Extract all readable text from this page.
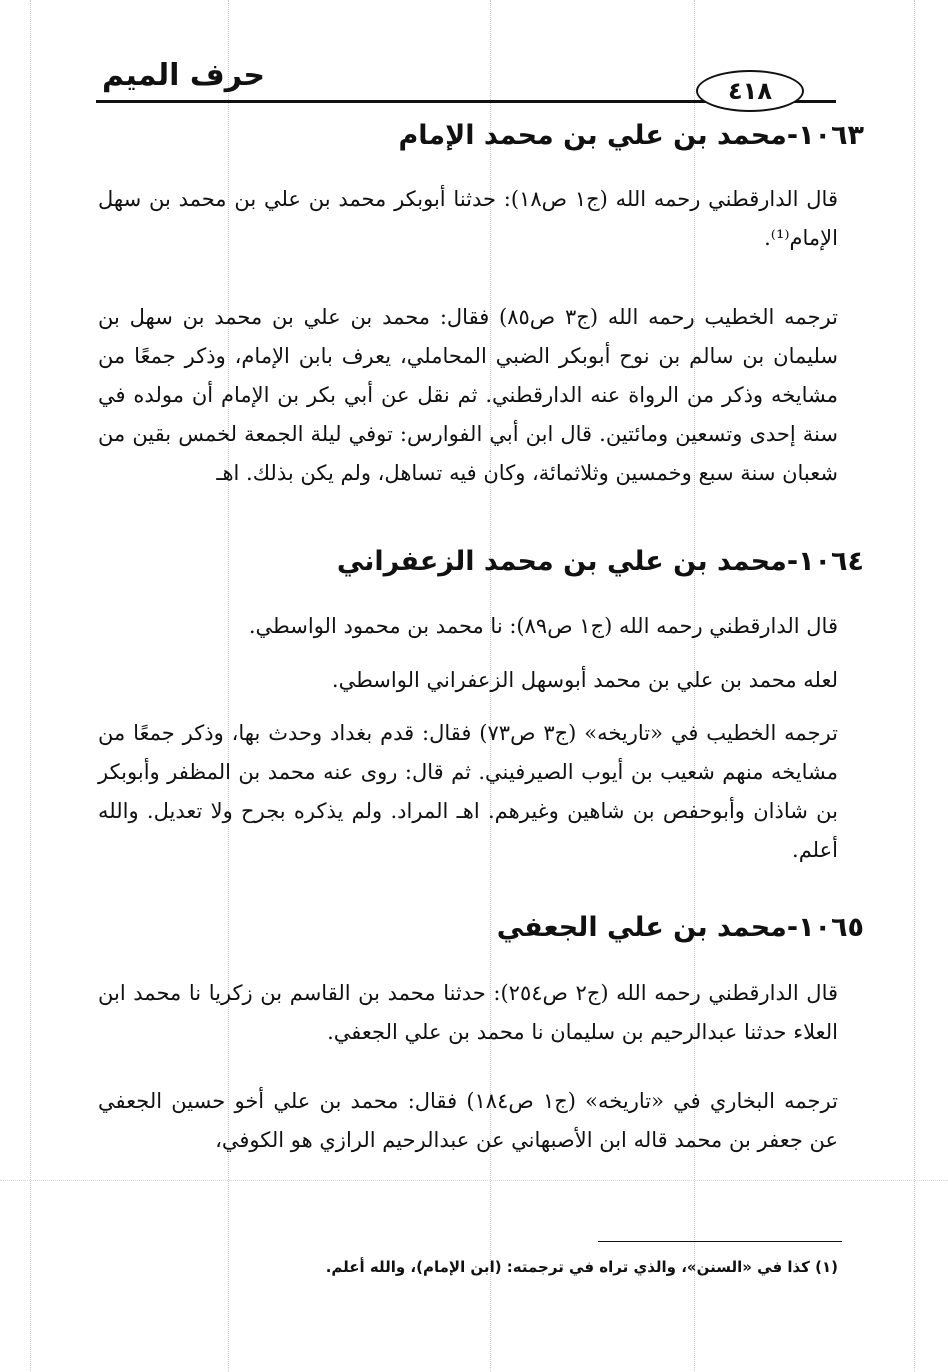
حرف الميم	٤١٨
١٠٦٣-محمد بن علي بن محمد الإمام
قال الدارقطني رحمه الله (ج١ ص١٨): حدثنا أبوبكر محمد بن علي بن محمد بن سهل الإمام⁽¹⁾.
ترجمه الخطيب رحمه الله (ج٣ ص٨٥) فقال: محمد بن علي بن محمد بن سهل بن سليمان بن سالم بن نوح أبوبكر الضبي المحاملي، يعرف بابن الإمام، وذكر جمعًا من مشايخه وذكر من الرواة عنه الدارقطني. ثم نقل عن أبي بكر بن الإمام أن مولده في سنة إحدى وتسعين ومائتين. قال ابن أبي الفوارس: توفي ليلة الجمعة لخمس بقين من شعبان سنة سبع وخمسين وثلاثمائة، وكان فيه تساهل، ولم يكن بذلك. اهـ
١٠٦٤-محمد بن علي بن محمد الزعفراني
قال الدارقطني رحمه الله (ج١ ص٨٩): نا محمد بن محمود الواسطي.
لعله محمد بن علي بن محمد أبوسهل الزعفراني الواسطي.
ترجمه الخطيب في «تاريخه» (ج٣ ص٧٣) فقال: قدم بغداد وحدث بها، وذكر جمعًا من مشايخه منهم شعيب بن أيوب الصيرفيني. ثم قال: روى عنه محمد بن المظفر وأبوبكر بن شاذان وأبوحفص بن شاهين وغيرهم. اهـ المراد. ولم يذكره بجرح ولا تعديل. والله أعلم.
١٠٦٥-محمد بن علي الجعفي
قال الدارقطني رحمه الله (ج٢ ص٢٥٤): حدثنا محمد بن القاسم بن زكريا نا محمد ابن العلاء حدثنا عبدالرحيم بن سليمان نا محمد بن علي الجعفي.
ترجمه البخاري في «تاريخه» (ج١ ص١٨٤) فقال: محمد بن علي أخو حسين الجعفي عن جعفر بن محمد قاله ابن الأصبهاني عن عبدالرحيم الرازي هو الكوفي،
(١) كذا في «السنن»، والذي تراه في ترجمته: (ابن الإمام)، والله أعلم.
